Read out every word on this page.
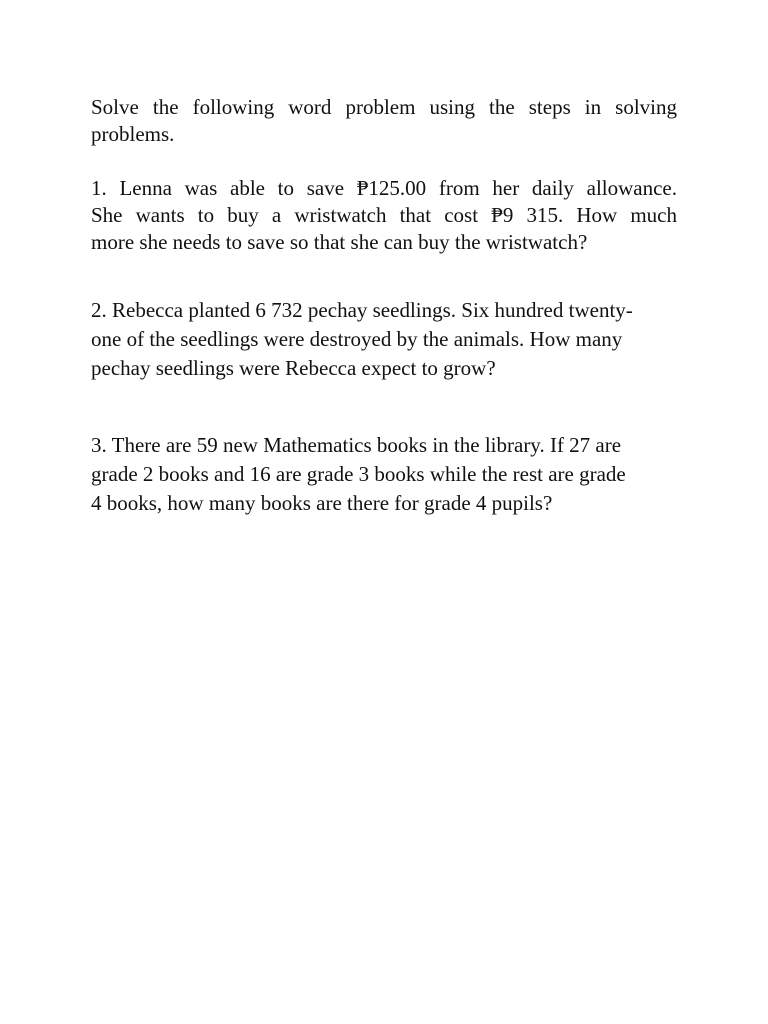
Solve the following word problem using the steps in solving
problems.

1. Lenna was able to save ₱125.00 from her daily allowance.
She wants to buy a wristwatch that cost ₱9 315. How much
more she needs to save so that she can buy the wristwatch?

2. Rebecca planted 6 732 pechay seedlings. Six hundred twenty-
one of the seedlings were destroyed by the animals. How many
pechay seedlings were Rebecca expect to grow?

3. There are 59 new Mathematics books in the library. If 27 are
grade 2 books and 16 are grade 3 books while the rest are grade
4 books, how many books are there for grade 4 pupils?
